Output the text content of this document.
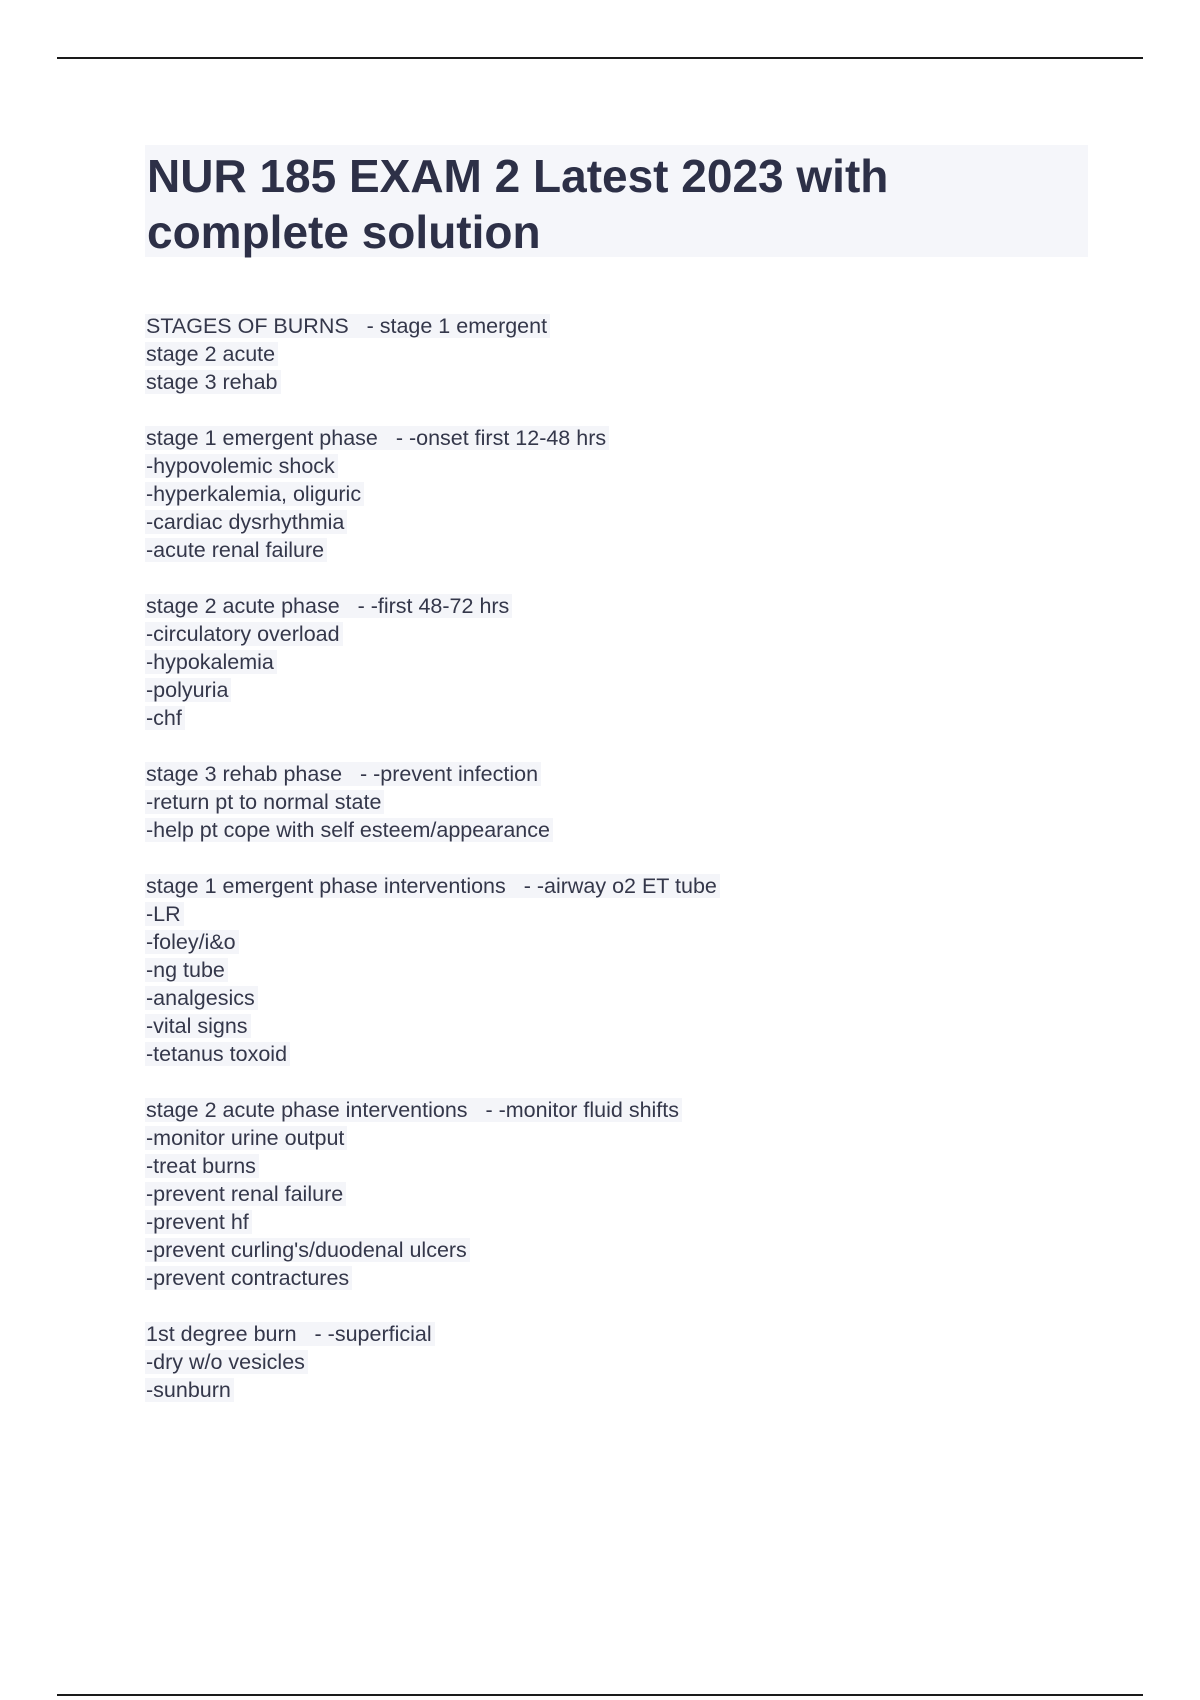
NUR 185 EXAM 2 Latest 2023 with
complete solution
STAGES OF BURNS - stage 1 emergent
stage 2 acute
stage 3 rehab
stage 1 emergent phase - -onset first 12-48 hrs
-hypovolemic shock
-hyperkalemia, oliguric
-cardiac dysrhythmia
-acute renal failure
stage 2 acute phase - -first 48-72 hrs
-circulatory overload
-hypokalemia
-polyuria
-chf
stage 3 rehab phase - -prevent infection
-return pt to normal state
-help pt cope with self esteem/appearance
stage 1 emergent phase interventions - -airway o2 ET tube
-LR
-foley/i&o
-ng tube
-analgesics
-vital signs
-tetanus toxoid
stage 2 acute phase interventions - -monitor fluid shifts
-monitor urine output
-treat burns
-prevent renal failure
-prevent hf
-prevent curling's/duodenal ulcers
-prevent contractures
1st degree burn - -superficial
-dry w/o vesicles
-sunburn
